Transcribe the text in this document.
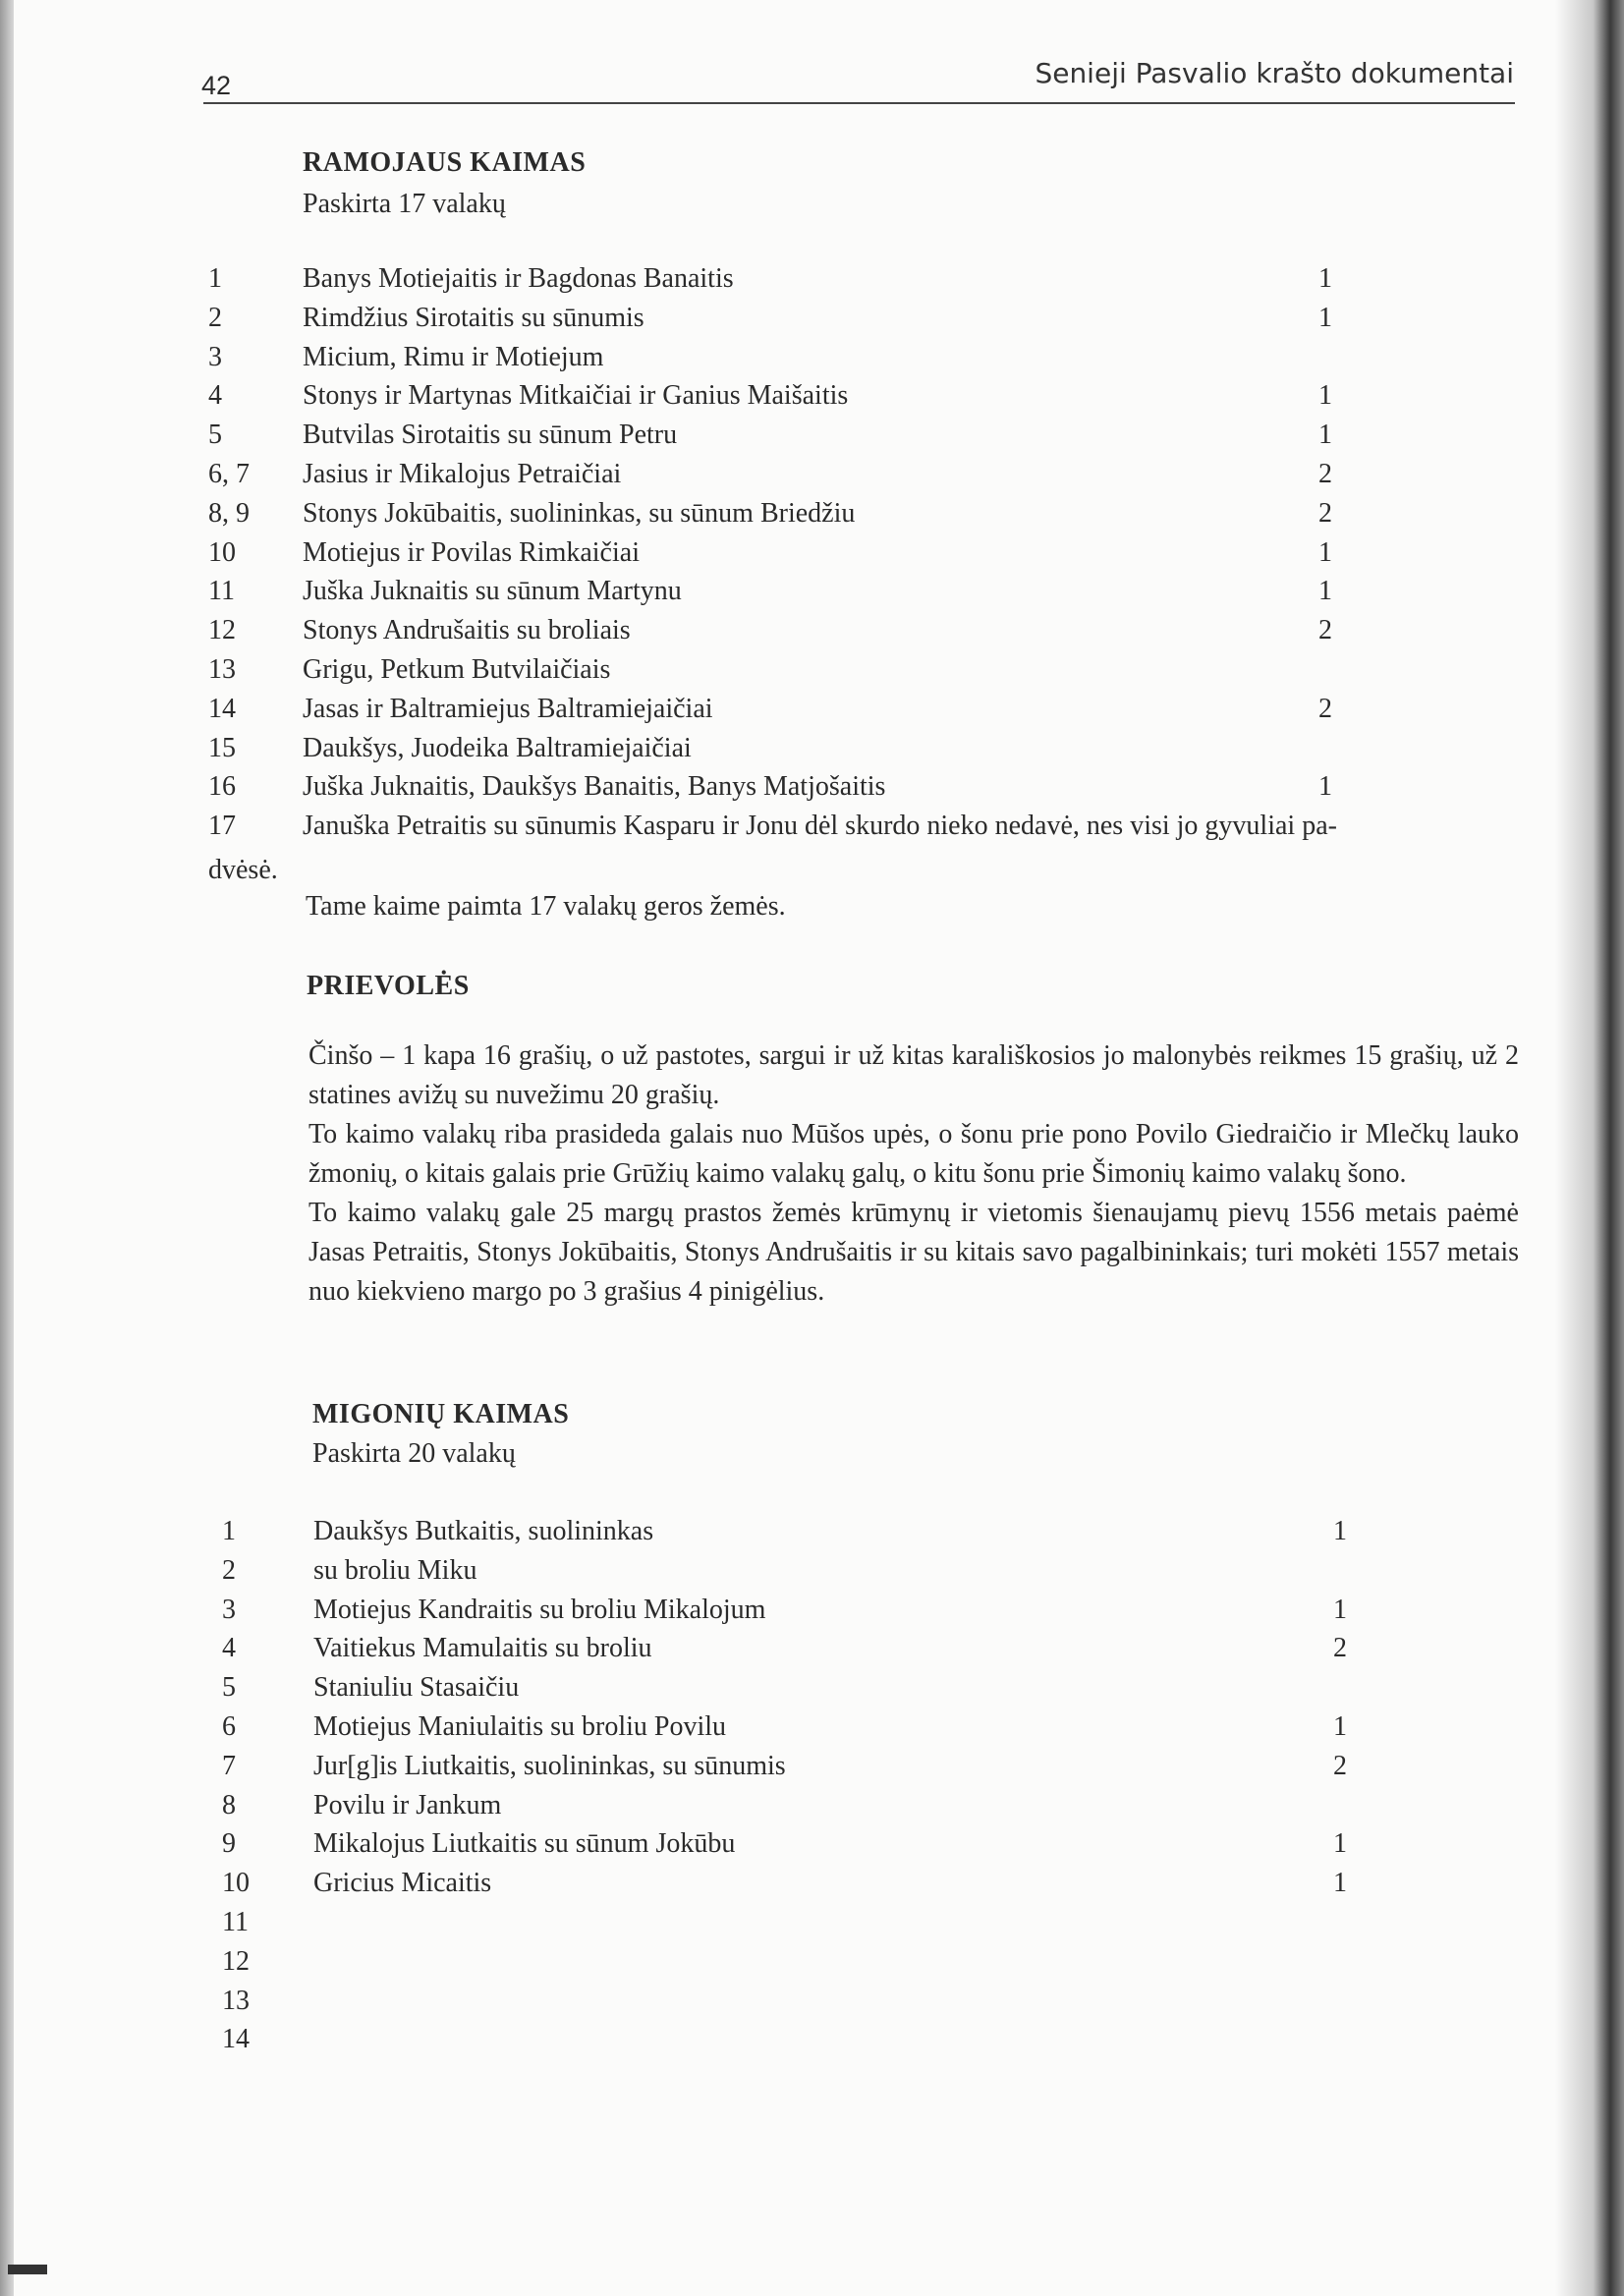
42	Senieji Pasvalio krašto dokumentai
RAMOJAUS KAIMAS
Paskirta 17 valakų
1	Banys Motiejaitis ir Bagdonas Banaitis	1
2	Rimdžius Sirotaitis su sūnumis	1
3	Micium, Rimu ir Motiejum
4	Stonys ir Martynas Mitkaičiai ir Ganius Maišaitis	1
5	Butvilas Sirotaitis su sūnum Petru	1
6, 7 Jasius ir Mikalojus Petraičiai	2
8, 9 Stonys Jokūbaitis, suolininkas, su sūnum Briedžiu	2
10 Motiejus ir Povilas Rimkaičiai	1
11 Juška Juknaitis su sūnum Martynu	1
12 Stonys Andrušaitis su broliais	2
13 Grigu, Petkum Butvilaičiais
14 Jasas ir Baltramiejus Baltramiejaičiai	2
15 Daukšys, Juodeika Baltramiejaičiai
16 Juška Juknaitis, Daukšys Banaitis, Banys Matjošaitis	1
17 Januška Petraitis su sūnumis Kasparu ir Jonu dėl skurdo nieko nedavė, nes visi jo gyvuliai pa-
dvėsė.
Tame kaime paimta 17 valakų geros žemės.
PRIEVOLĖS
Činšo – 1 kapa 16 grašių, o už pastotes, sargui ir už kitas karališkosios jo malonybės reikmes 15 grašių, už 2 statines avižų su nuvežimu 20 grašių.
To kaimo valakų riba prasideda galais nuo Mūšos upės, o šonu prie pono Povilo Giedraičio ir Mlečkų lauko žmonių, o kitais galais prie Grūžių kaimo valakų galų, o kitu šonu prie Šimonių kaimo valakų šono.
To kaimo valakų gale 25 margų prastos žemės krūmynų ir vietomis šienaujamų pievų 1556 metais paėmė Jasas Petraitis, Stonys Jokūbaitis, Stonys Andrušaitis ir su kitais savo pagalbininkais; turi mokėti 1557 metais nuo kiekvieno margo po 3 grašius 4 pinigėlius.
MIGONIŲ KAIMAS
Paskirta 20 valakų
1	Daukšys Butkaitis, suolininkas	1
2	su broliu Miku
3	Motiejus Kandraitis su broliu Mikalojum	1
4	Vaitiekus Mamulaitis su broliu	2
5	Staniuliu Stasaičiu
6	Motiejus Maniulaitis su broliu Povilu	1
7	Jur[g]is Liutkaitis, suolininkas, su sūnumis	2
8	Povilu ir Jankum
9	Mikalojus Liutkaitis su sūnum Jokūbu	1
10 Gricius Micaitis	1
11
12
13
14
